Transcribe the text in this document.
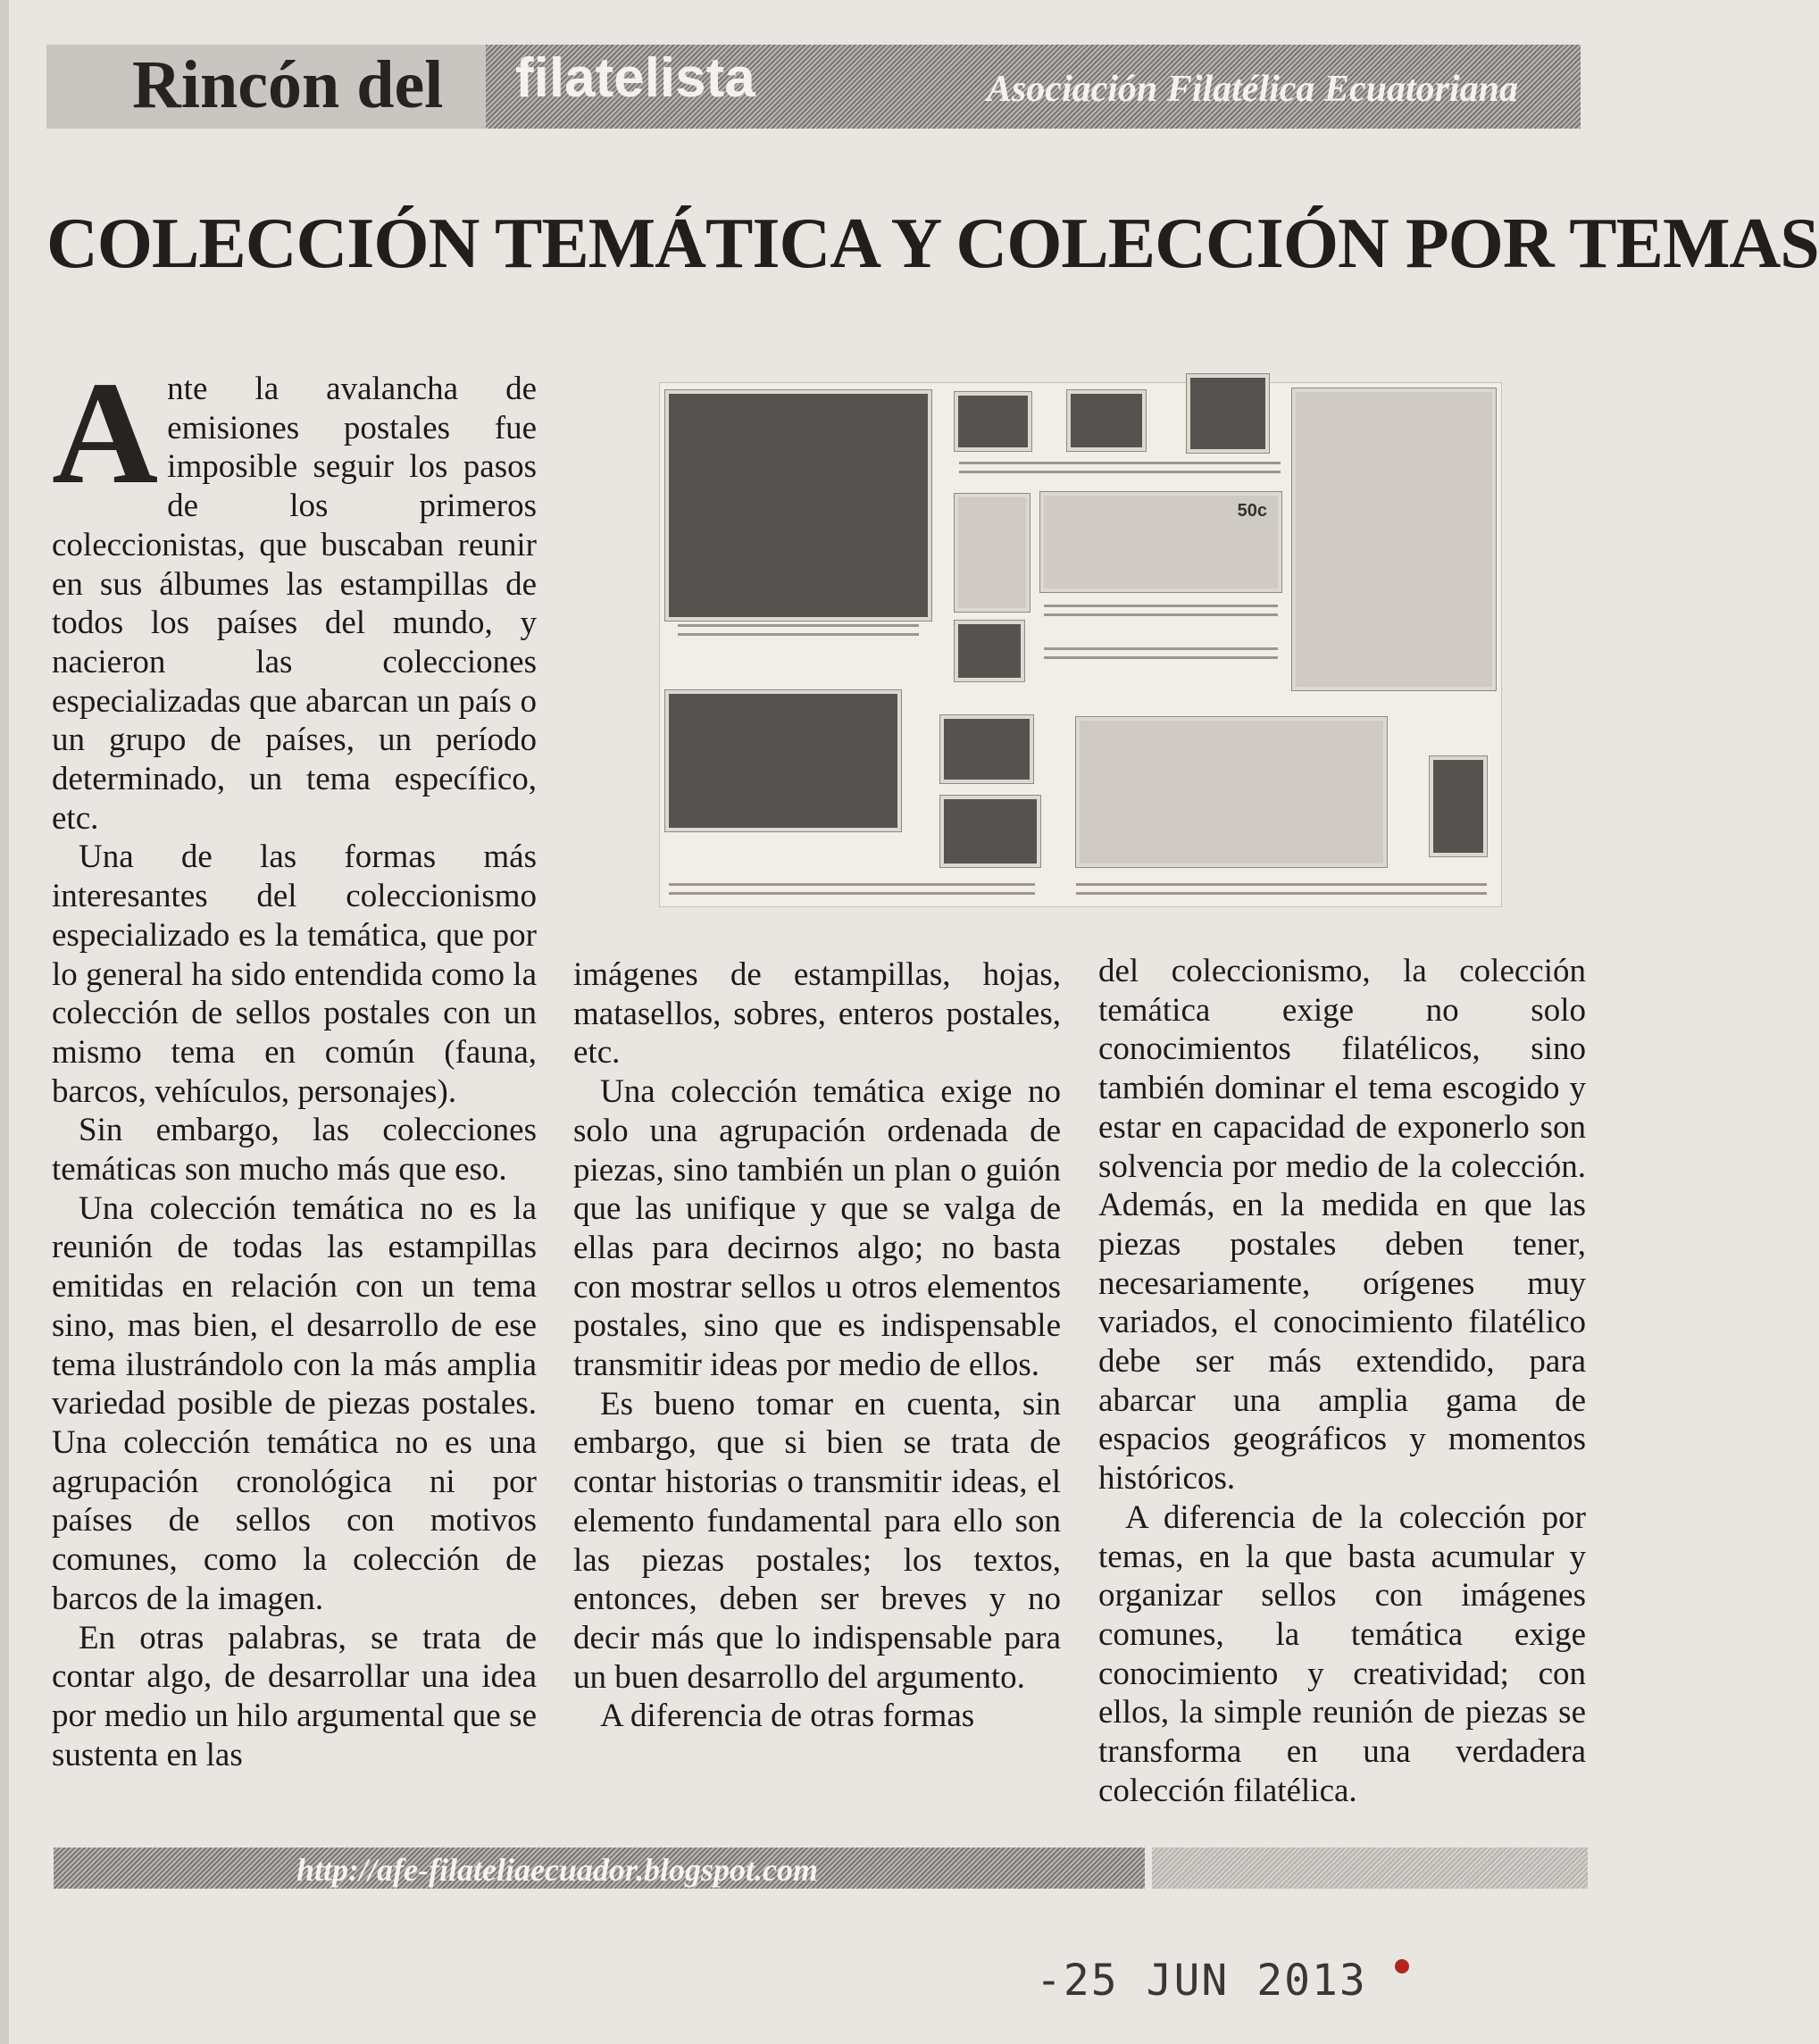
Rincón del filatelista	Asociación Filatélica Ecuatoriana
COLECCIÓN TEMÁTICA Y COLECCIÓN POR TEMAS

Ante la avalancha de emisiones postales fue imposible seguir los pasos de los primeros coleccionistas, que buscaban reunir en sus álbumes las estampillas de todos los países del mundo, y nacieron las colecciones especializadas que abarcan un país o un grupo de países, un período determinado, un tema específico, etc.

Una de las formas más interesantes del coleccionismo especializado es la temática, que por lo general ha sido entendida como la colección de sellos postales con un mismo tema en común (fauna, barcos, vehículos, personajes).

Sin embargo, las colecciones temáticas son mucho más que eso.

Una colección temática no es la reunión de todas las estampillas emitidas en relación con un tema sino, mas bien, el desarrollo de ese tema ilustrándolo con la más amplia variedad posible de piezas postales. Una colección temática no es una agrupación cronológica ni por países de sellos con motivos comunes, como la colección de barcos de la imagen.

En otras palabras, se trata de contar algo, de desarrollar una idea por medio un hilo argumental que se sustenta en las

50c

imágenes de estampillas, hojas, matasellos, sobres, enteros postales, etc.

Una colección temática exige no solo una agrupación ordenada de piezas, sino también un plan o guión que las unifique y que se valga de ellas para decirnos algo; no basta con mostrar sellos u otros elementos postales, sino que es indispensable transmitir ideas por medio de ellos.

Es bueno tomar en cuenta, sin embargo, que si bien se trata de contar historias o transmitir ideas, el elemento fundamental para ello son las piezas postales; los textos, entonces, deben ser breves y no decir más que lo indispensable para un buen desarrollo del argumento.

A diferencia de otras formas

del coleccionismo, la colección temática exige no solo conocimientos filatélicos, sino también dominar el tema escogido y estar en capacidad de exponerlo son solvencia por medio de la colección. Además, en la medida en que las piezas postales deben tener, necesariamente, orígenes muy variados, el conocimiento filatélico debe ser más extendido, para abarcar una amplia gama de espacios geográficos y momentos históricos.

A diferencia de la colección por temas, en la que basta acumular y organizar sellos con imágenes comunes, la temática exige conocimiento y creatividad; con ellos, la simple reunión de piezas se transforma en una verdadera colección filatélica.

http://afe-filateliaecuador.blogspot.com
-25 JUN 2013
